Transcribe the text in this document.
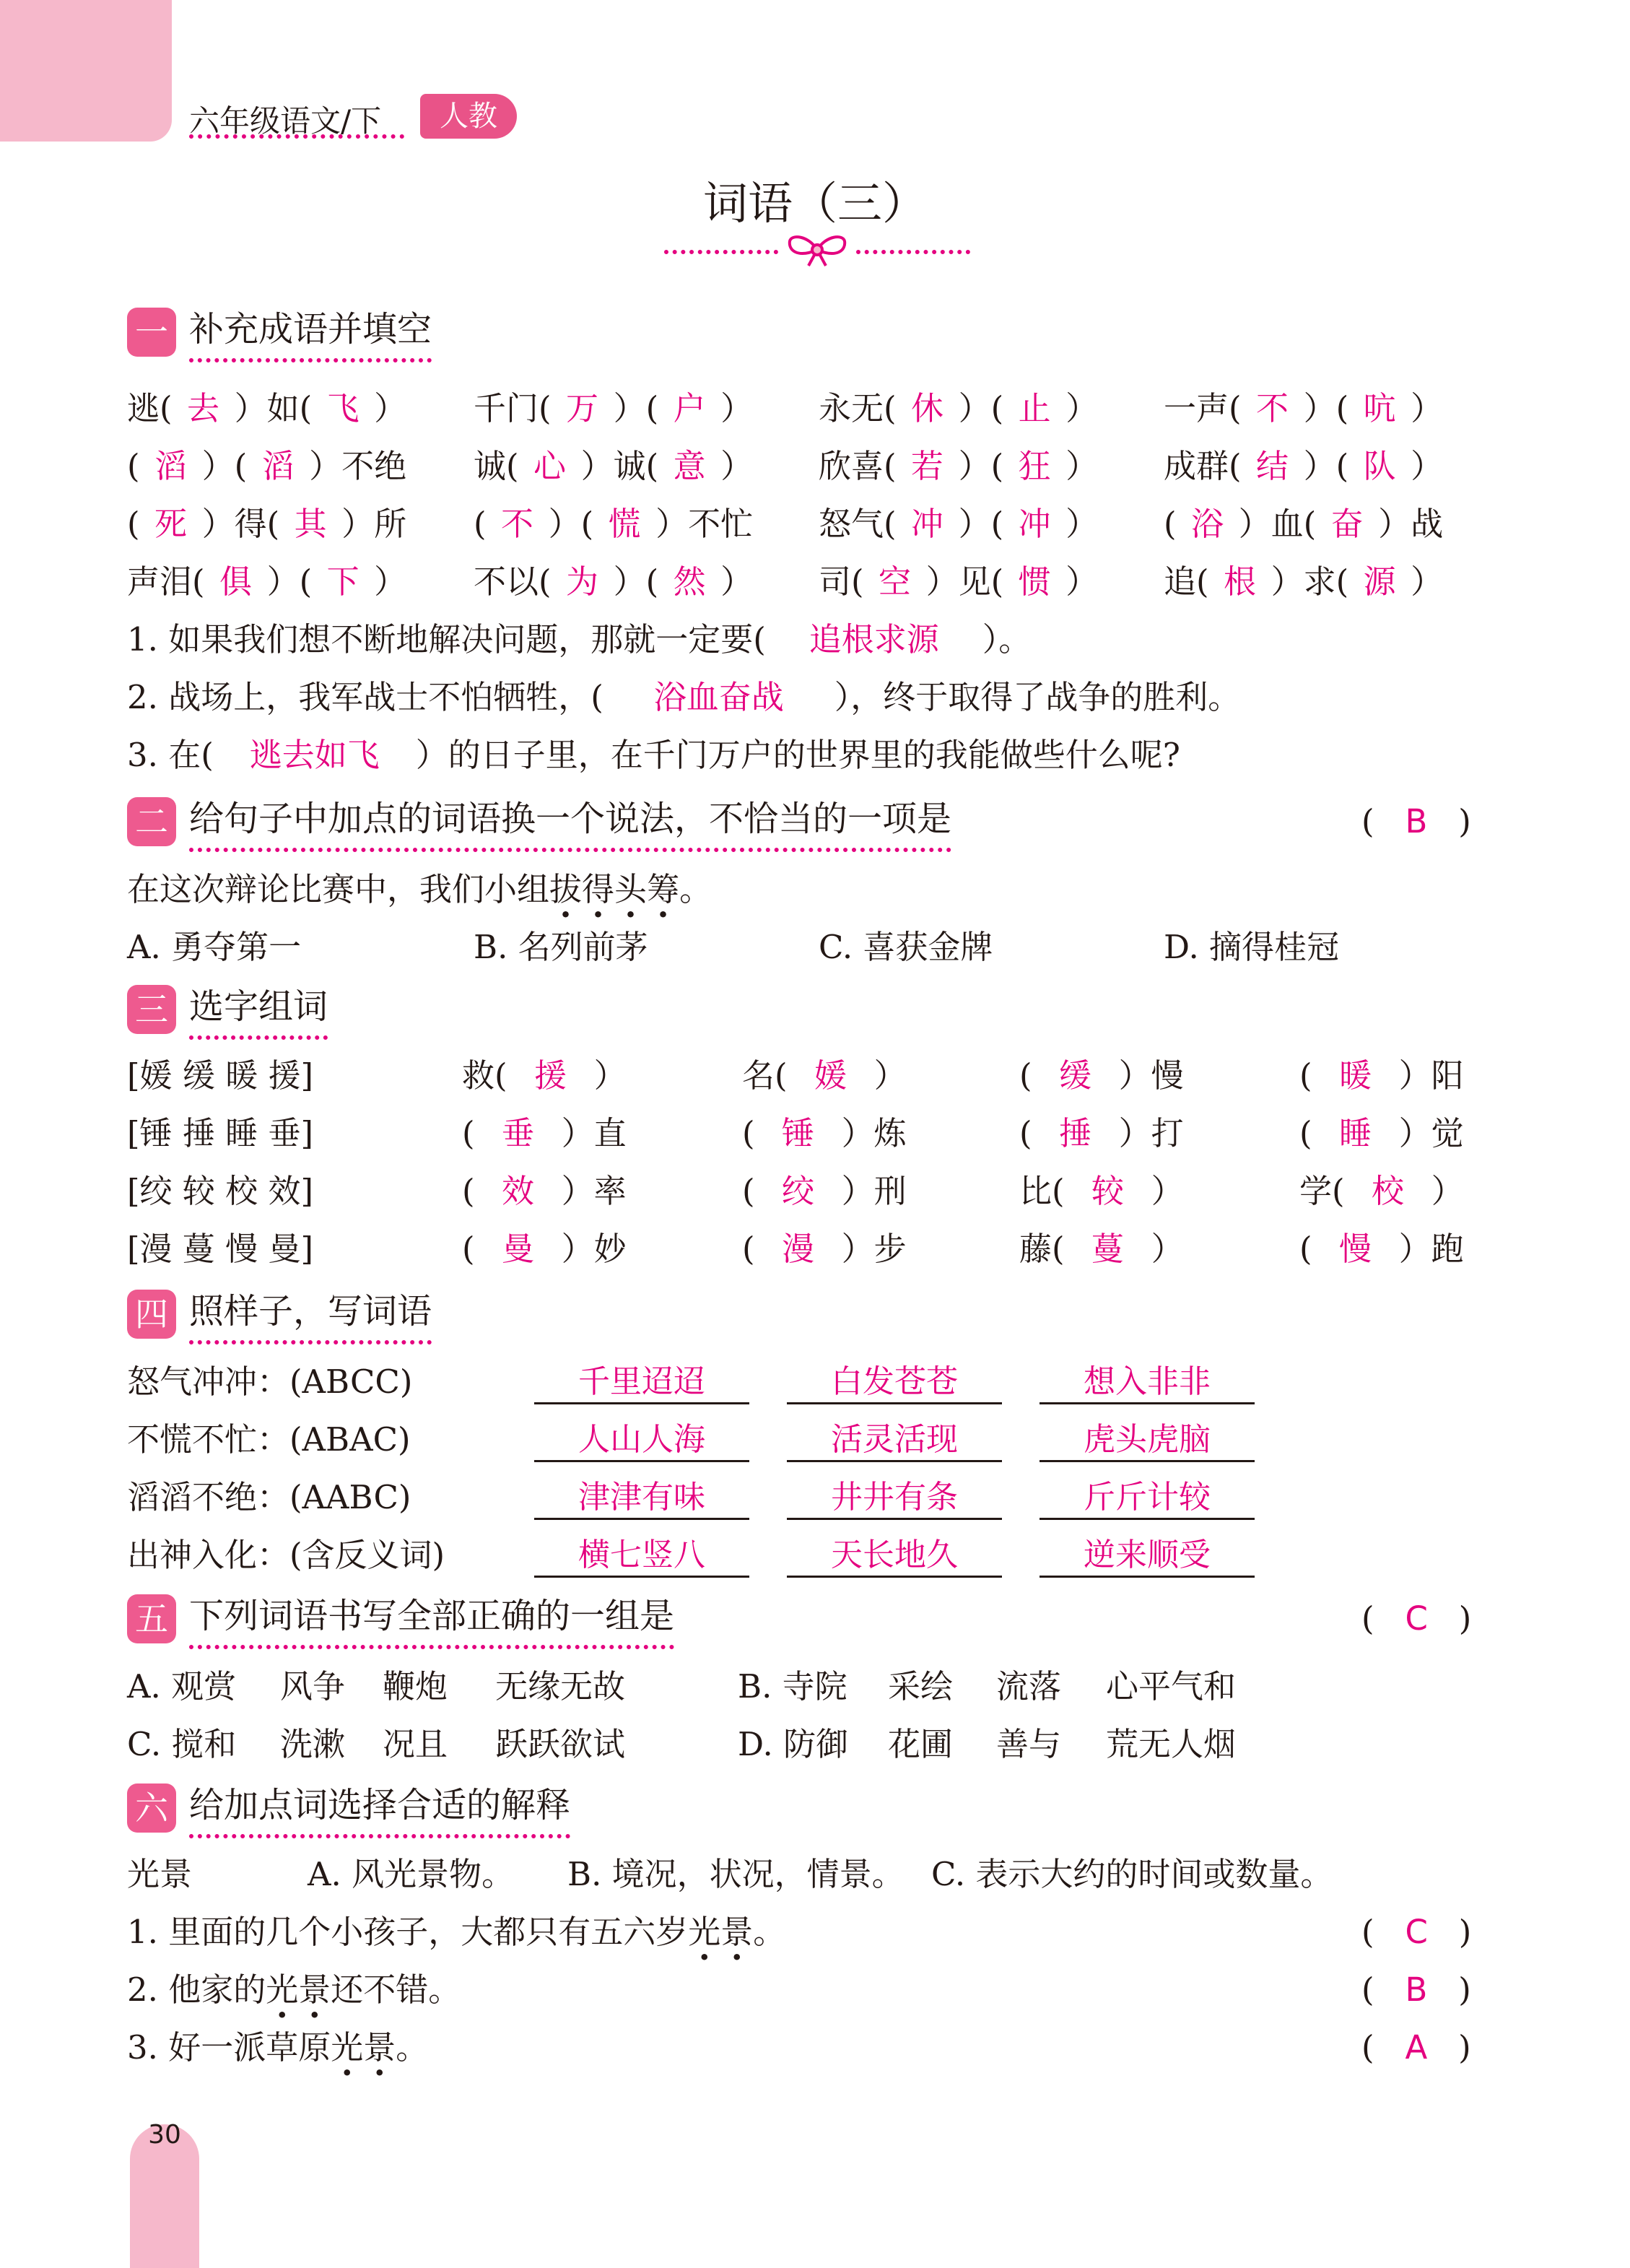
六年级语文/下	人教
词语（三）
一 补充成语并填空
逃( 去 ）如( 飞 ） 千门( 万 ）( 户 ） 永无( 休 ）( 止 ） 一声( 不 ）( 吭 ）
( 滔 ）( 滔 ）不绝 诚( 心 ）诚( 意 ） 欣喜( 若 ）( 狂 ） 成群( 结 ）( 队 ）
( 死 ）得( 其 ）所 ( 不 ）( 慌 ）不忙 怒气( 冲 ）( 冲 ） ( 浴 ）血( 奋 ）战
声泪( 俱 ）( 下 ） 不以( 为 ）( 然 ） 司( 空 ）见( 惯 ） 追( 根 ）求( 源 ）
1. 如果我们想不断地解决问题，那就一定要( 追根求源 ）。
2. 战场上，我军战士不怕牺牲，( 浴血奋战 ），终于取得了战争的胜利。
3. 在( 逃去如飞 ）的日子里，在千门万户的世界里的我能做些什么呢?
二 给句子中加点的词语换一个说法，不恰当的一项是	(   B   )
在这次辩论比赛中，我们小组拔得头筹。
A. 勇夺第一	B. 名列前茅	C. 喜获金牌	D. 摘得桂冠
三 选字组词
[媛 缓 暖 援]	救( 援 ）	名( 媛 ）	( 缓 ）慢	( 暖 ）阳
[锤 捶 睡 垂]	( 垂 ）直	( 锤 ）炼	( 捶 ）打	( 睡 ）觉
[绞 较 校 效]	( 效 ）率	( 绞 ）刑	比( 较 ）	学( 校 ）
[漫 蔓 慢 曼]	( 曼 ）妙	( 漫 ）步	藤( 蔓 ）	( 慢 ）跑
四 照样子，写词语
怒气冲冲：(ABCC)	千里迢迢	白发苍苍	想入非非
不慌不忙：(ABAC)	人山人海	活灵活现	虎头虎脑
滔滔不绝：(AABC)	津津有味	井井有条	斤斤计较
出神入化：(含反义词)	横七竖八	天长地久	逆来顺受
五 下列词语书写全部正确的一组是	(   C   )
A. 观赏 风争 鞭炮 无缘无故	B. 寺院 采绘 流落 心平气和
C. 搅和 洗漱 况且 跃跃欲试	D. 防御 花圃 善与 荒无人烟
六 给加点词选择合适的解释
光景	A. 风光景物。 B. 境况，状况，情景。 C. 表示大约的时间或数量。
1. 里面的几个小孩子，大都只有五六岁光景。	(   C   )
2. 他家的光景还不错。	(   B   )
3. 好一派草原光景。	(   A   )
30
